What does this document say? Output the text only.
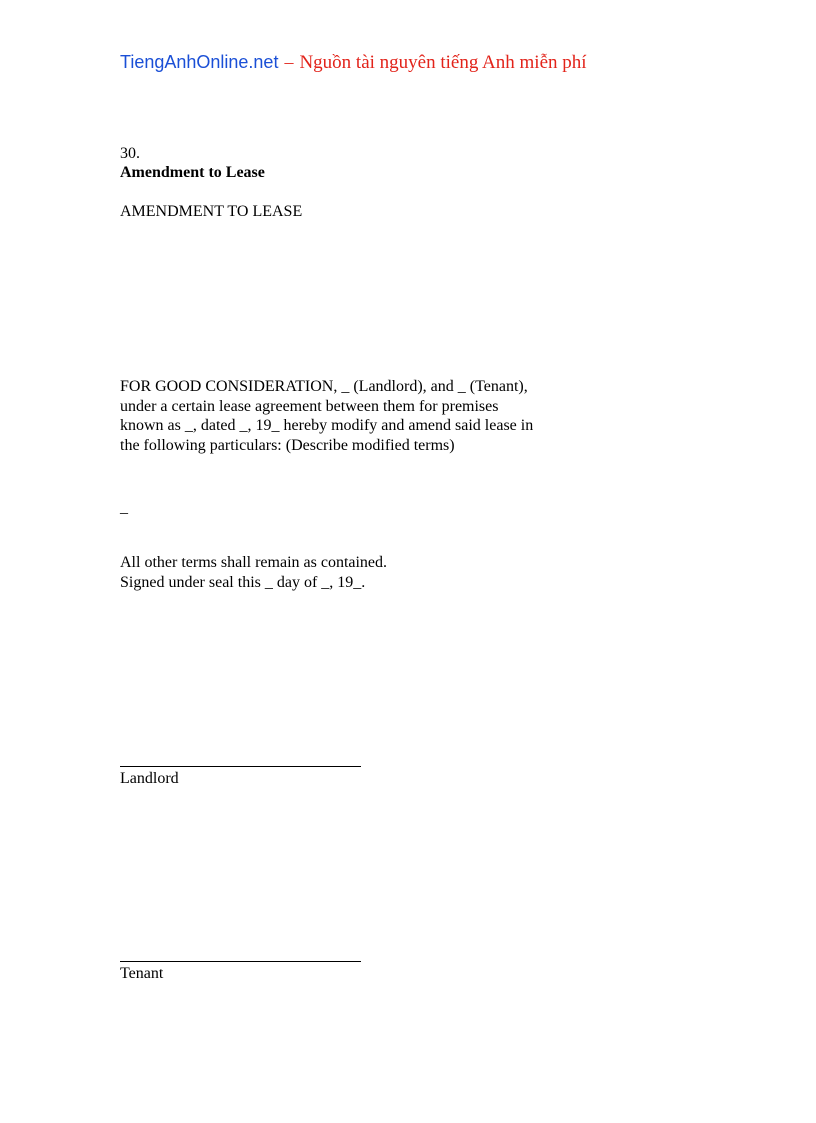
TiengAnhOnline.net – Nguồn tài nguyên tiếng Anh miễn phí
30.
Amendment to Lease
AMENDMENT TO LEASE
FOR GOOD CONSIDERATION, _ (Landlord), and _ (Tenant),
under a certain lease agreement between them for premises
known as _, dated _, 19_ hereby modify and amend said lease in
the following particulars: (Describe modified terms)
_
All other terms shall remain as contained.
Signed under seal this _ day of _, 19_.
Landlord
Tenant
